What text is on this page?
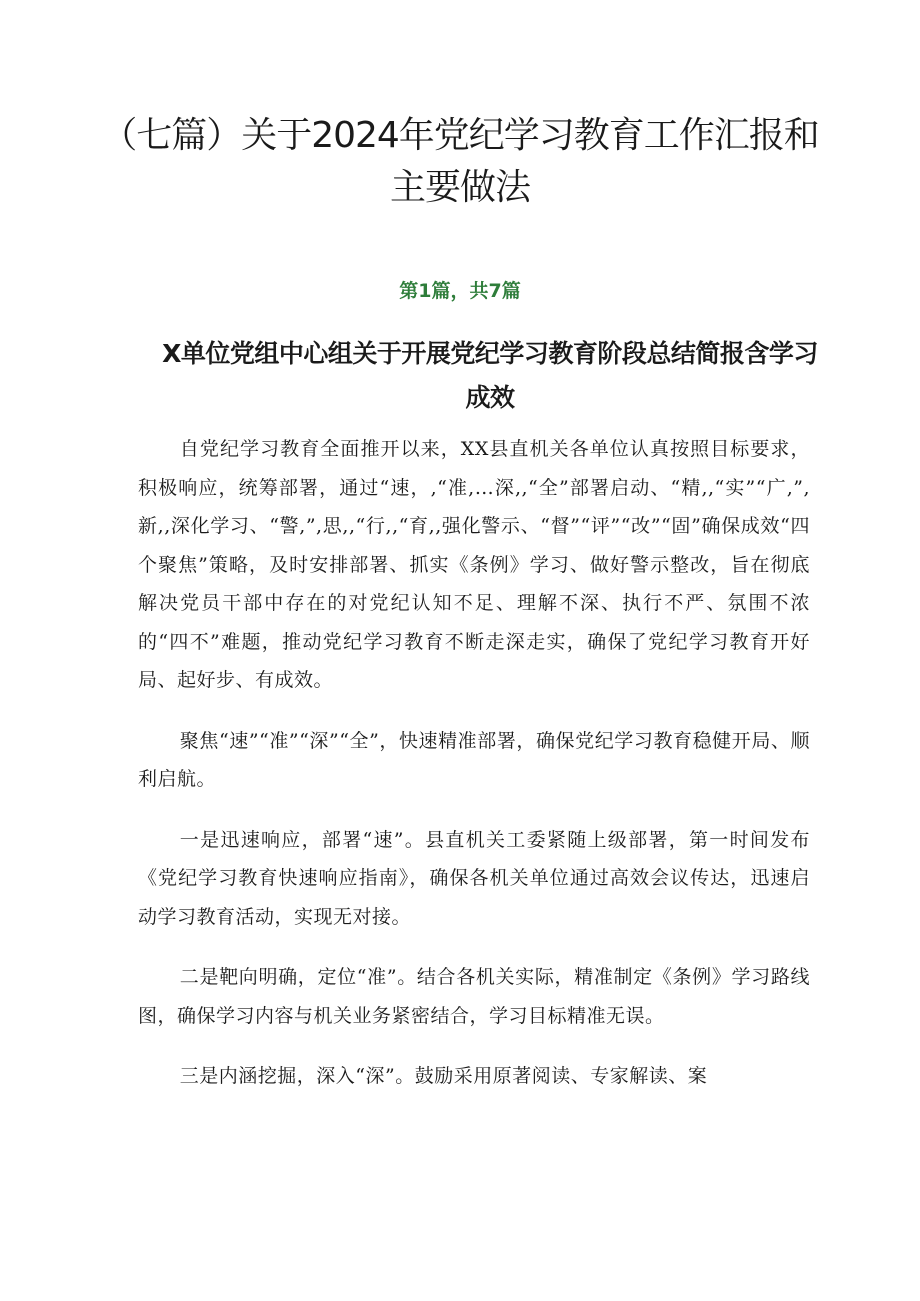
（七篇）关于2024年党纪学习教育工作汇报和主要做法
第1篇，共7篇
X单位党组中心组关于开展党纪学习教育阶段总结简报含学习成效

自党纪学习教育全面推开以来，XX县直机关各单位认真按照目标要求，积极响应，统筹部署，通过“速，,“准,…深,,“全”部署启动、“精,,“实”“广,”,新,,深化学习、“警,”,思,,“行,,“育,,强化警示、“督”“评”“改”“固”确保成效“四个聚焦”策略，及时安排部署、抓实《条例》学习、做好警示整改，旨在彻底解决党员干部中存在的对党纪认知不足、理解不深、执行不严、氛围不浓的“四不”难题，推动党纪学习教育不断走深走实，确保了党纪学习教育开好局、起好步、有成效。

聚焦“速”“准”“深”“全”，快速精准部署，确保党纪学习教育稳健开局、顺利启航。

一是迅速响应，部署“速”。县直机关工委紧随上级部署，第一时间发布《党纪学习教育快速响应指南》，确保各机关单位通过高效会议传达，迅速启动学习教育活动，实现无对接。

二是靶向明确，定位“准”。结合各机关实际，精准制定《条例》学习路线图，确保学习内容与机关业务紧密结合，学习目标精准无误。

三是内涵挖掘，深入“深”。鼓励采用原著阅读、专家解读、案
